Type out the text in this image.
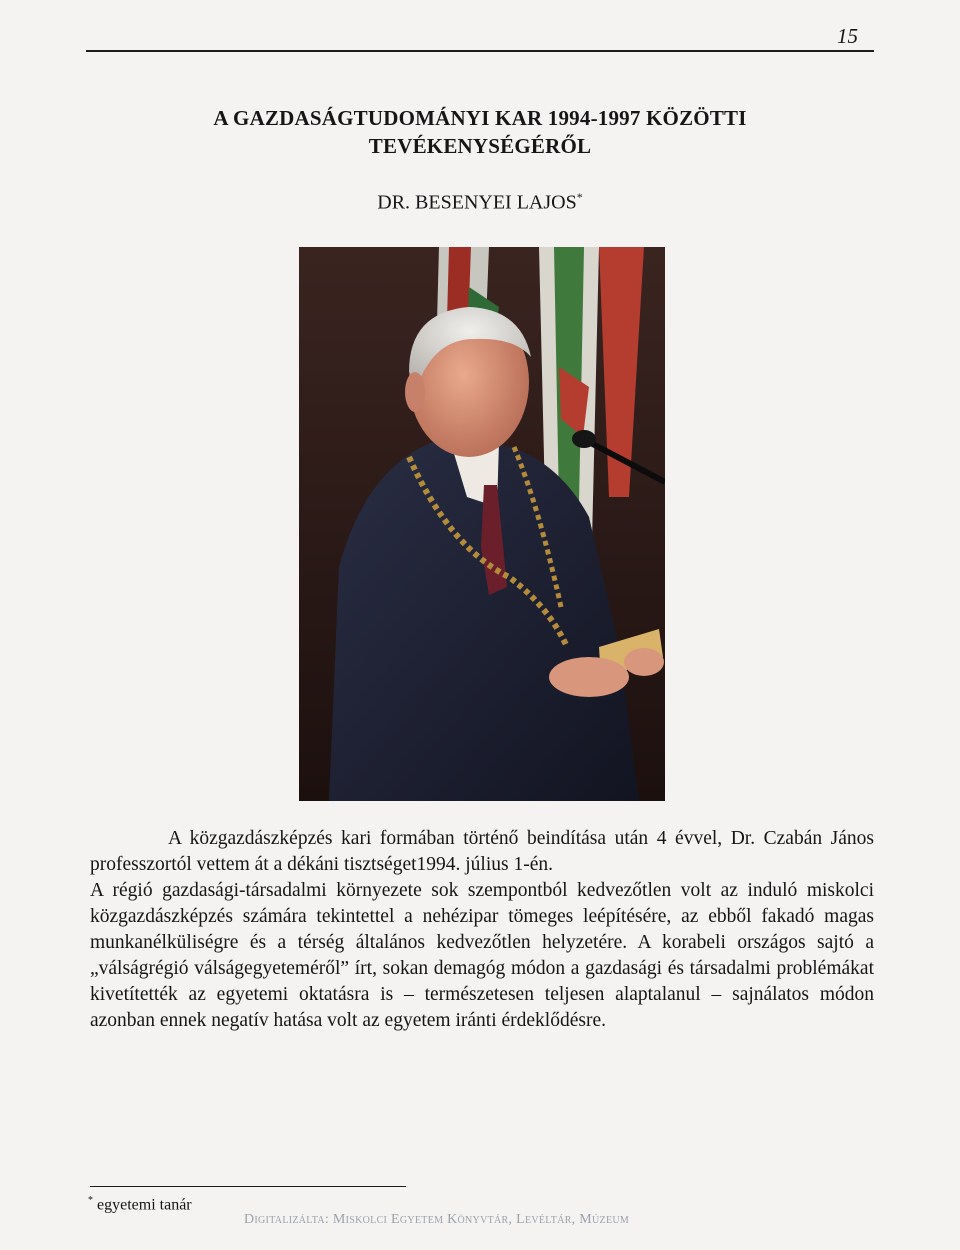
15
A GAZDASÁGTUDOMÁNYI KAR 1994-1997 KÖZÖTTI
TEVÉKENYSÉGÉRŐL
DR. BESENYEI LAJOS*

A közgazdászképzés kari formában történő beindítása után 4 évvel, Dr. Czabán János professzortól vettem át a dékáni tisztséget1994. július 1-én.

A régió gazdasági-társadalmi környezete sok szempontból kedvezőtlen volt az induló miskolci közgazdászképzés számára tekintettel a nehézipar tömeges leépítésére, az ebből fakadó magas munkanélküliségre és a térség általános kedvezőtlen helyzetére. A korabeli országos sajtó a „válságrégió válságegyeteméről” írt, sokan demagóg módon a gazdasági és társadalmi problémákat kivetítették az egyetemi oktatásra is – természetesen teljesen alaptalanul – sajnálatos módon azonban ennek negatív hatása volt az egyetem iránti érdeklődésre.

* egyetemi tanár
Digitalizálta: Miskolci Egyetem Könyvtár, Levéltár, Múzeum
